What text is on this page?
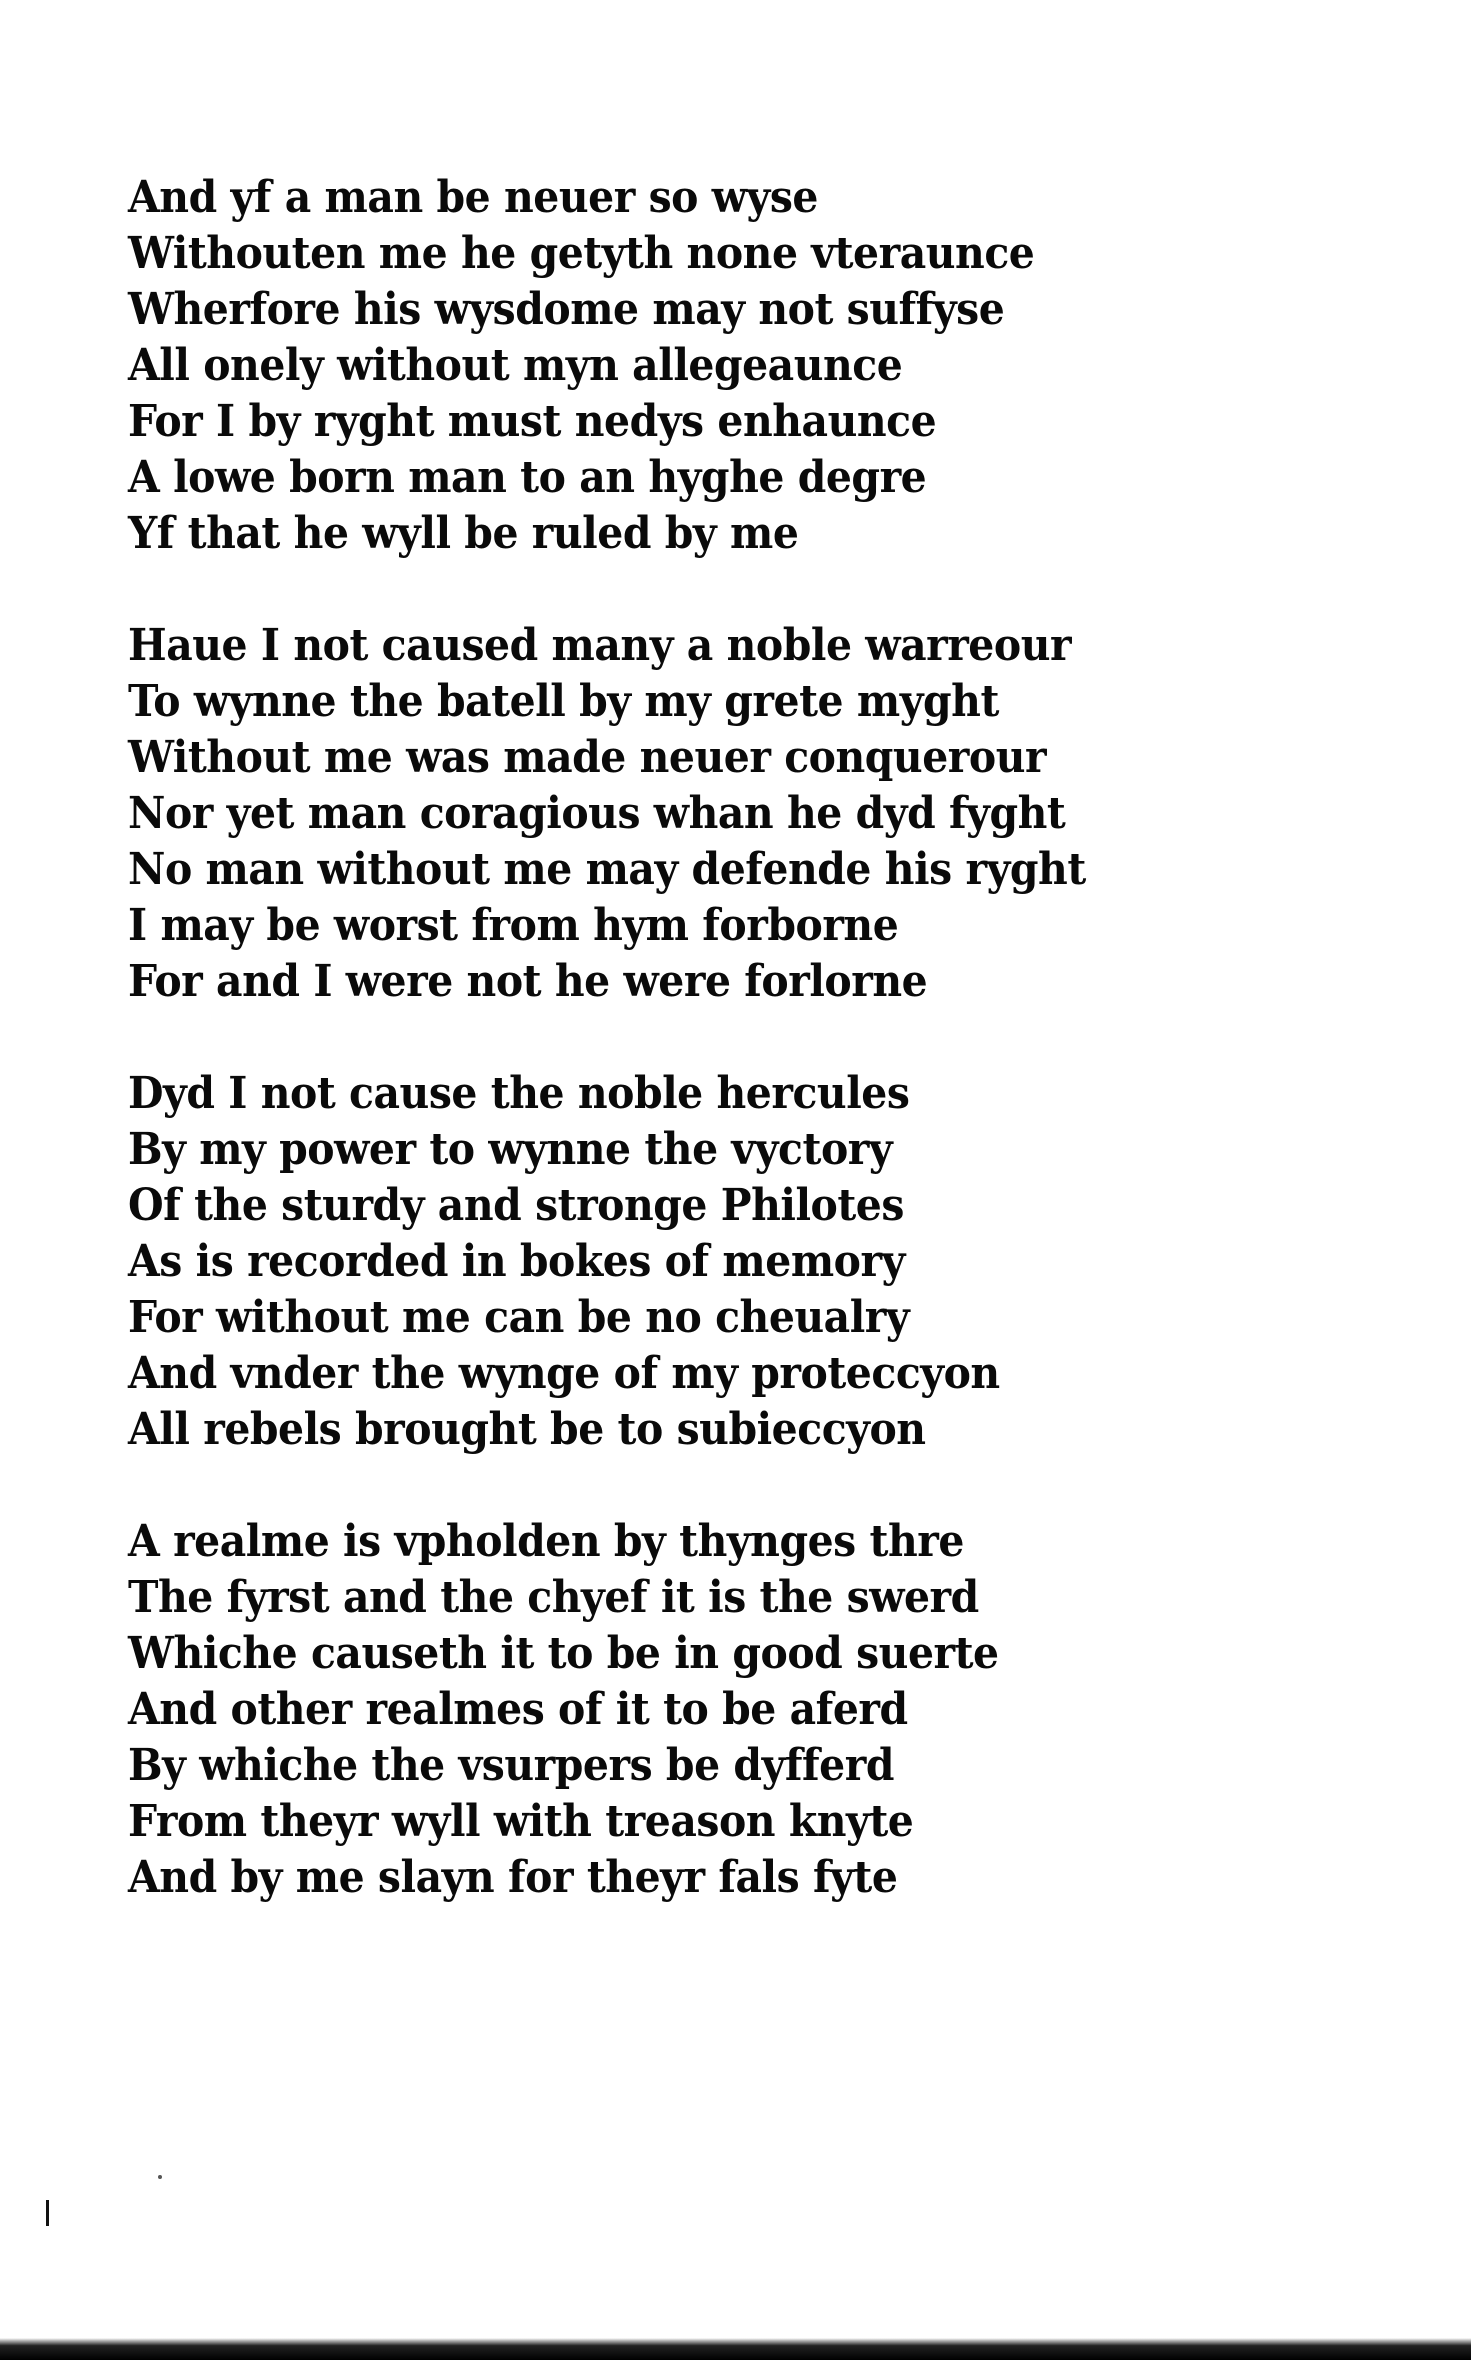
And yf a man be neuer so wyse
Withouten me he getyth none vteraunce
Wherfore his wysdome may not suffyse
All onely without myn allegeaunce
For I by ryght must nedys enhaunce
A lowe born man to an hyghe degre
Yf that he wyll be ruled by me
Haue I not caused many a noble warreour
To wynne the batell by my grete myght
Without me was made neuer conquerour
Nor yet man coragious whan he dyd fyght
No man without me may defende his ryght
I may be worst from hym forborne
For and I were not he were forlorne
Dyd I not cause the noble hercules
By my power to wynne the vyctory
Of the sturdy and stronge Philotes
As is recorded in bokes of memory
For without me can be no cheualry
And vnder the wynge of my proteccyon
All rebels brought be to subieccyon
A realme is vpholden by thynges thre
The fyrst and the chyef it is the swerd
Whiche causeth it to be in good suerte
And other realmes of it to be aferd
By whiche the vsurpers be dyfferd
From theyr wyll with treason knyte
And by me slayn for theyr fals fyte
